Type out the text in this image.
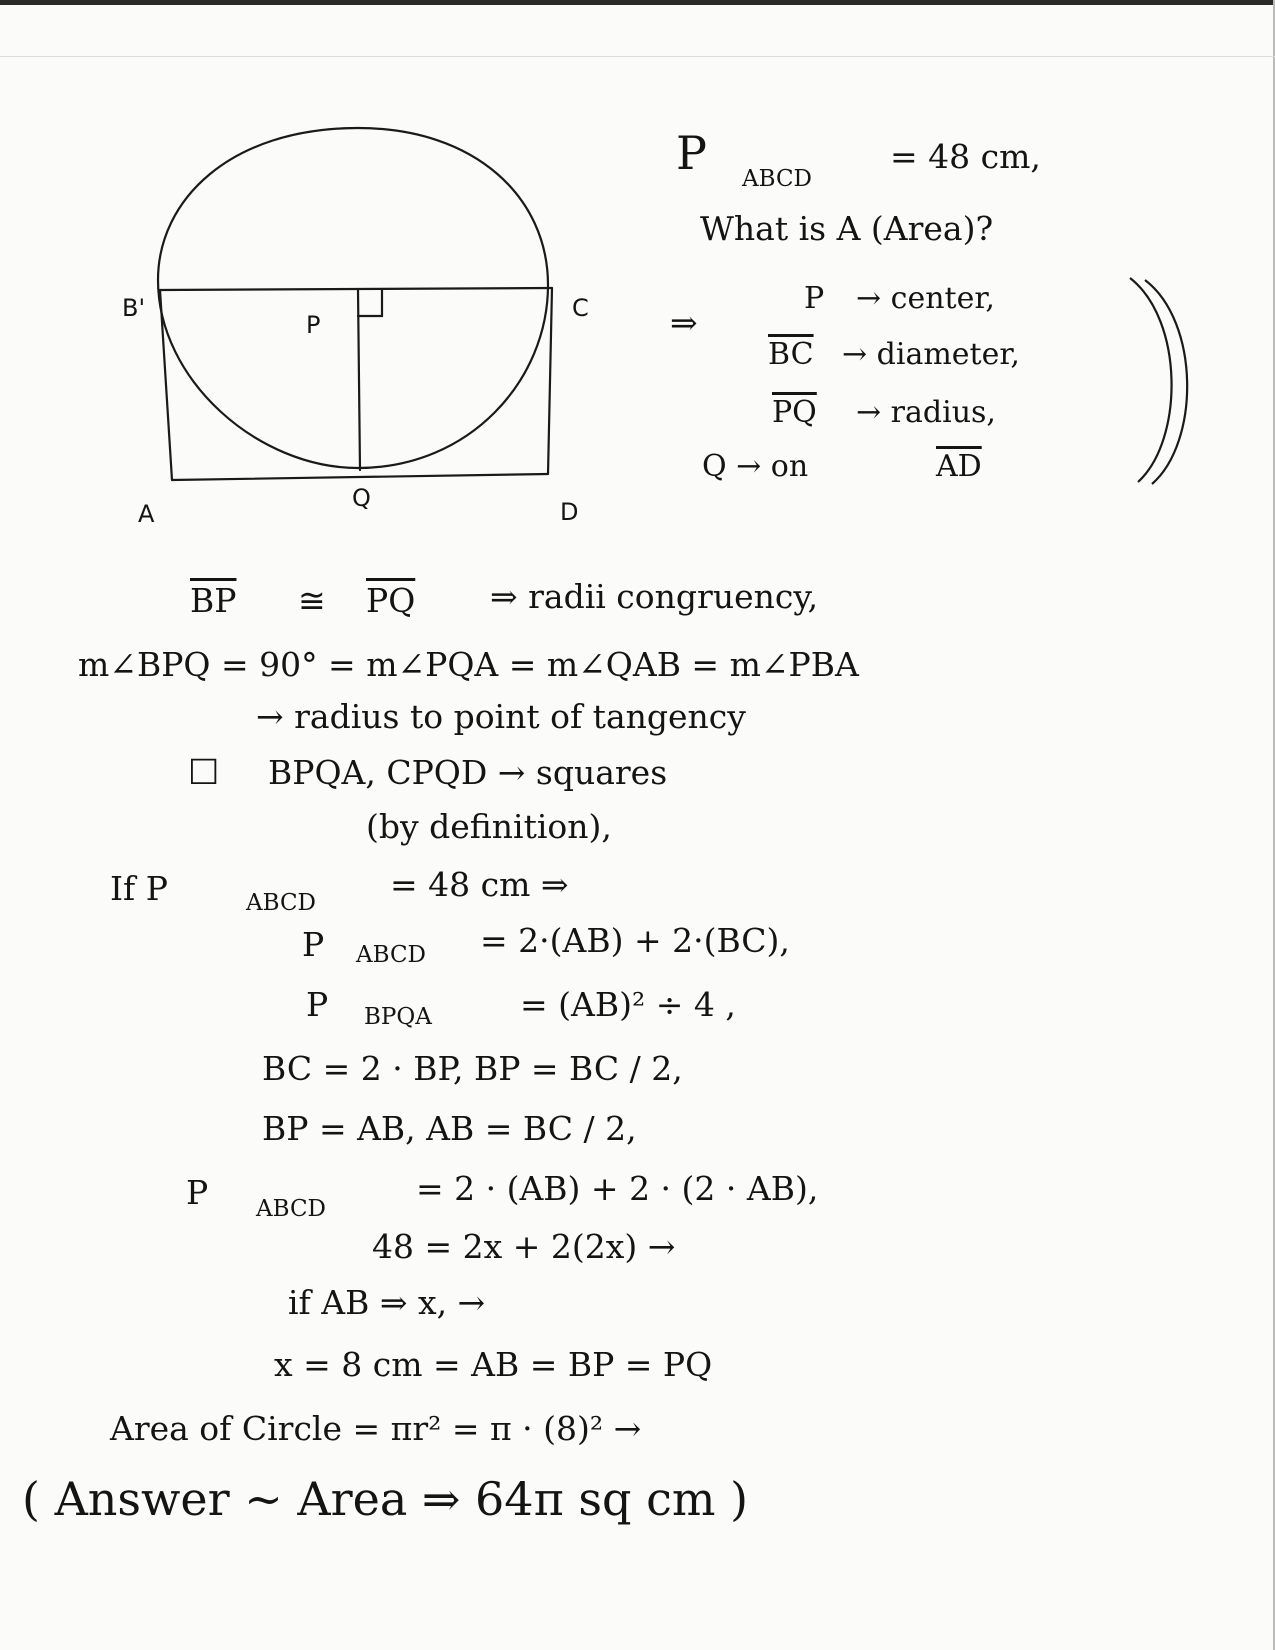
B'	C
P
A
Q	D
P ABCD
= 48 cm,
What is A (Area)?
⇒
P → center,
$\overline{BC}$ → diameter,
$\overline{PQ}$ → radius,
Q → on	$\overline{AD}$
$\overline{BP}$ ≅ $\overline{PQ}$ ⇒ radii congruency,
m∠BPQ = 90° = m∠PQA = m∠QAB = m∠PBA
→ radius to point of tangency
□ BPQA, CPQD → squares
(by definition),
If P	ABCD = 48 cm ⇒
P ABCD = 2·(AB) + 2·(BC),
P BPQA	= (AB)² ÷ 4 ,
BC = 2 · BP, BP = BC / 2,
BP = AB, AB = BC / 2,
P ABCD
= 2 · (AB) + 2 · (2 · AB),
48 = 2x + 2(2x) →
if AB ⇒ x, →
x = 8 cm = AB = BP = PQ
Area of Circle = πr² = π · (8)² →
( Answer ~ Area ⇒ 64π sq cm )
